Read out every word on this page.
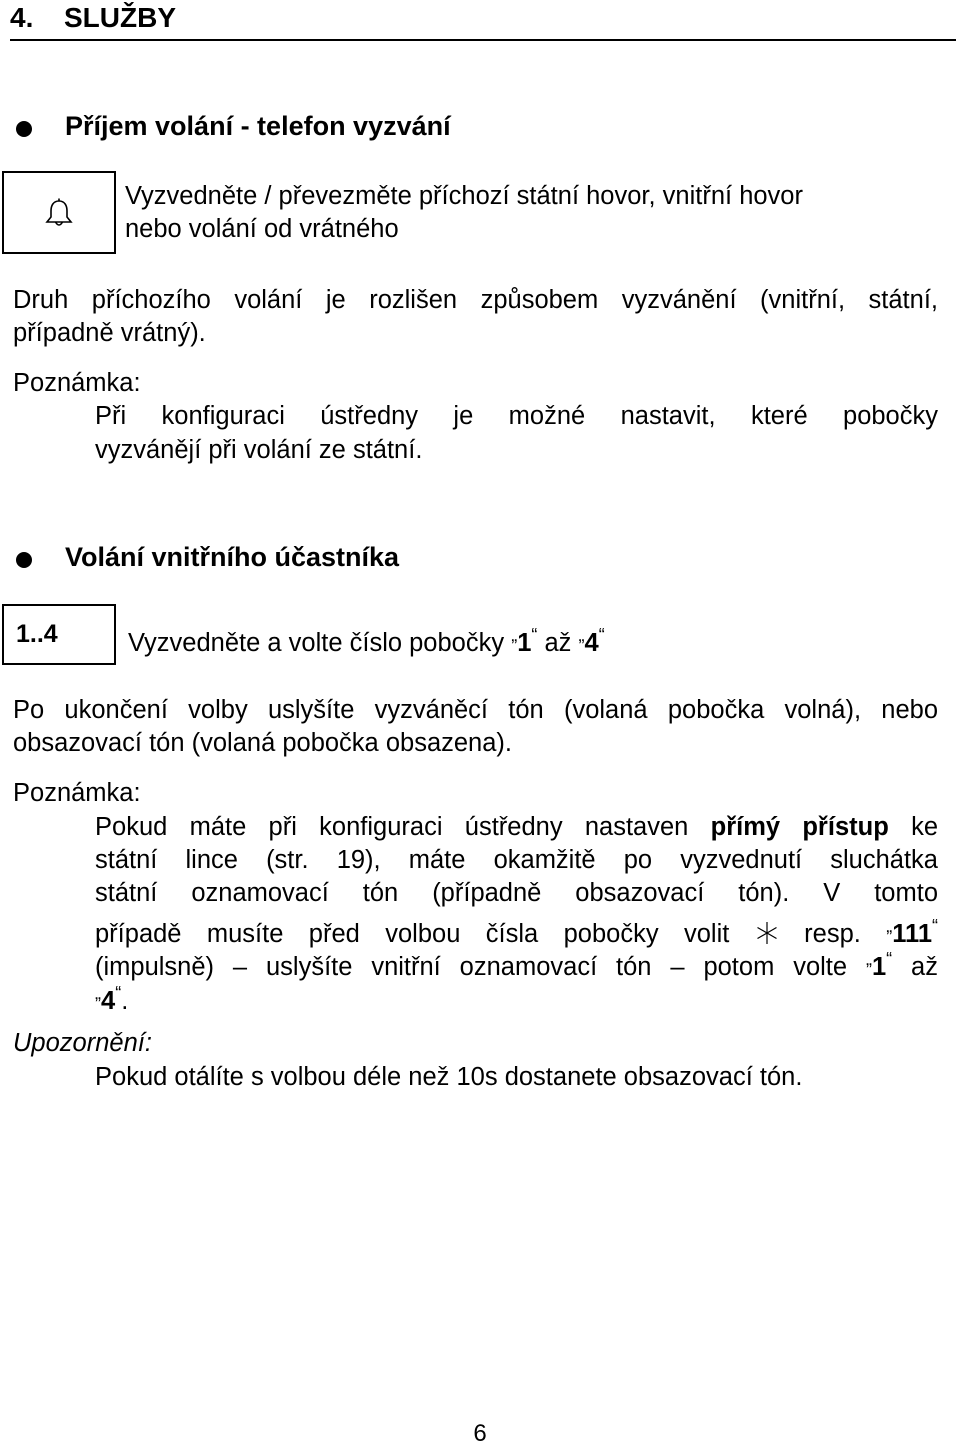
4. SLUŽBY
Příjem volání - telefon vyzvání
Vyzvedněte / převezměte příchozí státní hovor, vnitřní hovor
nebo volání od vrátného
Druh příchozího volání je rozlišen způsobem vyzvánění (vnitřní, státní,
případně vrátný).
Poznámka:
Při konfiguraci ústředny je možné nastavit, které pobočky
vyzvánějí při volání ze státní.
Volání vnitřního účastníka
1..4	Vyzvedněte a volte číslo pobočky „1“ až „4“
Po ukončení volby uslyšíte vyzváněcí tón (volaná pobočka volná), nebo
obsazovací tón (volaná pobočka obsazena).
Poznámka:
Pokud máte při konfiguraci ústředny nastaven přímý přístup ke
státní lince (str. 19), máte okamžitě po vyzvednutí sluchátka
státní oznamovací tón (případně obsazovací tón). V tomto
případě musíte před volbou čísla pobočky volit	resp. „111“
(impulsně) – uslyšíte vnitřní oznamovací tón – potom volte „1“ až
„4“.
Upozornění:
Pokud otálíte s volbou déle než 10s dostanete obsazovací tón.
6
